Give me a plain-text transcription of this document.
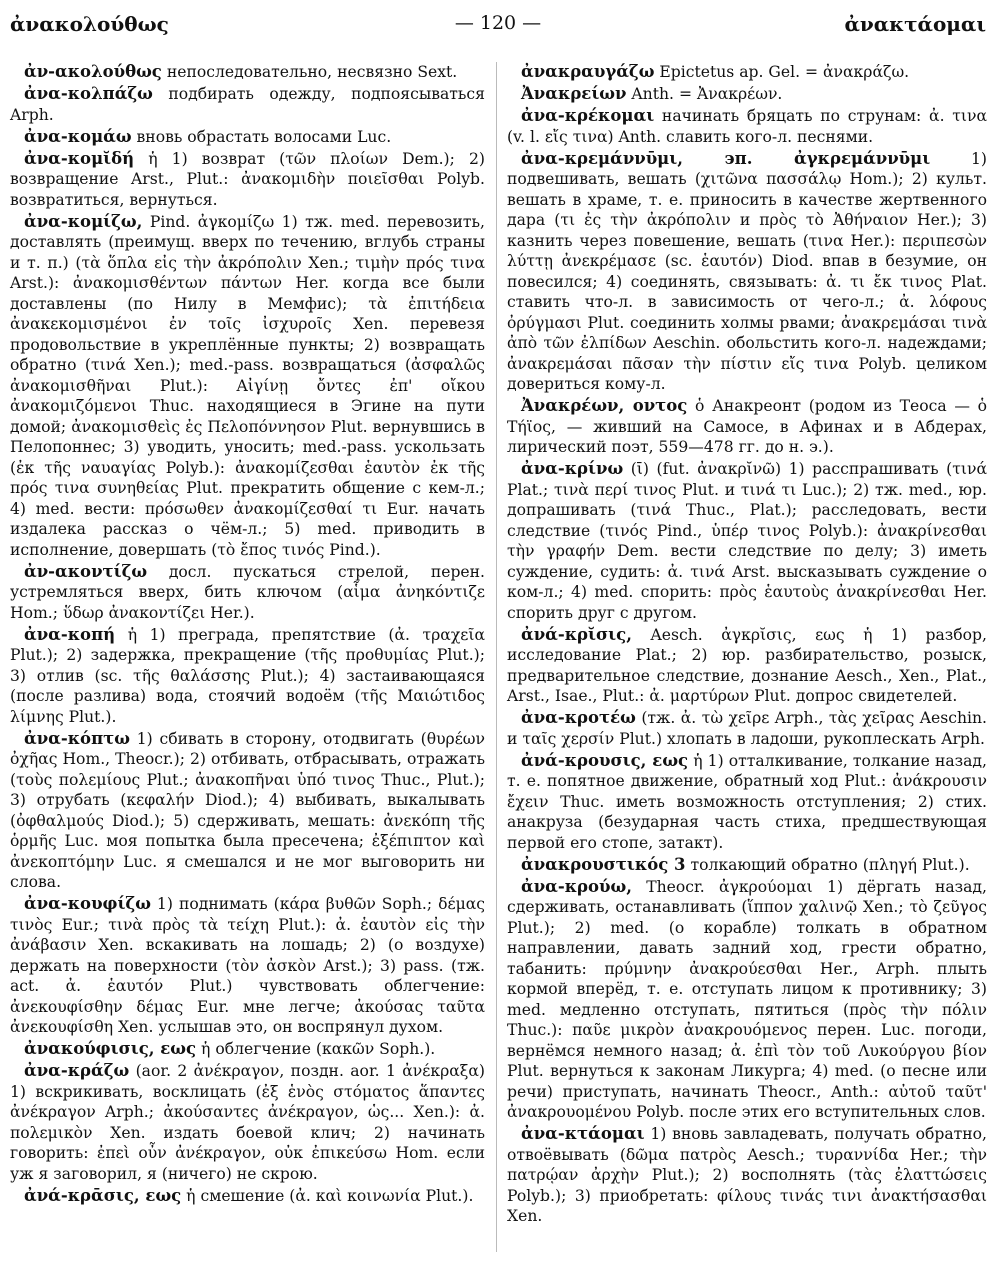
ἀνακολούθως	— 120 —	ἀνακτάομαι

ἀν-ακολούθως непоследовательно, несвязно Sext.

ἀνα-κολπάζω подбирать одежду, подпоясываться Arph.

ἀνα-κομάω вновь обрастать волосами Luc.

ἀνα-κομῐδή ἡ 1) возврат (τῶν πλοίων Dem.); 2) возвращение Arst., Plut.: ἀνακομιδὴν ποιεῖσθαι Polyb. возвратиться, вернуться.

ἀνα-κομίζω, Pind. ἀγκομίζω 1) тж. med. перевозить, доставлять (преимущ. вверх по течению, вглубь страны и т. п.) (τὰ ὅπλα εἰς τὴν ἀκρόπολιν Xen.; τιμὴν πρός τινα Arst.): ἀνακομισθέντων πάντων Her. когда все были доставлены (по Нилу в Мемфис); τὰ ἐπιτήδεια ἀνακεκομισμένοι ἐν τοῖς ἰσχυροῖς Xen. перевезя продовольствие в укреплённые пункты; 2) возвращать обратно (τινά Xen.); med.-pass. возвращаться (ἀσφαλῶς ἀνακομισθῆναι Plut.): Αἰγίνῃ ὄντες ἐπ' οἴκου ἀνακομιζόμενοι Thuc. находящиеся в Эгине на пути домой; ἀνακομισθεὶς ἐς Πελοπόννησον Plut. вернувшись в Пелопоннес; 3) уводить, уносить; med.-pass. ускользать (ἐκ τῆς ναυαγίας Polyb.): ἀνακομίζεσθαι ἑαυτὸν ἐκ τῆς πρός τινα συνηθείας Plut. прекратить общение с кем-л.; 4) med. вести: πρόσωθεν ἀνακομίζεσθαί τι Eur. начать издалека рассказ о чём-л.; 5) med. приводить в исполнение, довершать (τὸ ἔπος τινός Pind.).

ἀν-ακοντίζω досл. пускаться стрелой, перен. устремляться вверх, бить ключом (αἷμα ἀνηκόντιζε Hom.; ὕδωρ ἀνακοντίζει Her.).

ἀνα-κοπή ἡ 1) преграда, препятствие (ἀ. τραχεῖα Plut.); 2) задержка, прекращение (τῆς προθυμίας Plut.); 3) отлив (sc. τῆς θαλάσσης Plut.); 4) застаивающаяся (после разлива) вода, стоячий водоём (τῆς Μαιώτιδος λίμνης Plut.).

ἀνα-κόπτω 1) сбивать в сторону, отодвигать (θυρέων ὀχῆας Hom., Theocr.); 2) отбивать, отбрасывать, отражать (τοὺς πολεμίους Plut.; ἀνακοπῆναι ὑπό τινος Thuc., Plut.); 3) отрубать (κεφαλήν Diod.); 4) выбивать, выкалывать (ὀφθαλμούς Diod.); 5) сдерживать, мешать: ἀνεκόπη τῆς ὁρμῆς Luc. моя попытка была пресечена; ἐξέπιπτον καὶ ἀνεκοπτόμην Luc. я смешался и не мог выговорить ни слова.

ἀνα-κουφίζω 1) поднимать (κάρα βυθῶν Soph.; δέμας τινὸς Eur.; τινὰ πρὸς τὰ τείχη Plut.): ἀ. ἑαυτὸν εἰς τὴν ἀνάβασιν Xen. вскакивать на лошадь; 2) (о воздухе) держать на поверхности (τὸν ἀσκὸν Arst.); 3) pass. (тж. act. ἀ. ἑαυτόν Plut.) чувствовать облегчение: ἀνεκουφίσθην δέμας Eur. мне легче; ἀκούσας ταῦτα ἀνεκουφίσθη Xen. услышав это, он воспрянул духом.

ἀνακούφισις, εως ἡ облегчение (κακῶν Soph.).

ἀνα-κράζω (aor. 2 ἀνέκραγον, поздн. aor. 1 ἀνέκραξα) 1) вскрикивать, восклицать (ἐξ ἑνὸς στόματος ἅπαντες ἀνέκραγον Arph.; ἀκούσαντες ἀνέκραγον, ὡς... Xen.): ἀ. πολεμικὸν Xen. издать боевой клич; 2) начинать говорить: ἐπεὶ οὖν ἀνέκραγον, οὐκ ἐπικεύσω Hom. если уж я заговорил, я (ничего) не скрою.

ἀνά-κρᾱσις, εως ἡ смешение (ἀ. καὶ κοινωνία Plut.).

ἀνακραυγάζω Epictetus ap. Gel. = ἀνακράζω.

Ἀνακρείων Anth. = Ἀνακρέων.

ἀνα-κρέκομαι начинать бряцать по струнам: ἀ. τινα (v. l. εἴς τινα) Anth. славить кого-л. песнями.

ἀνα-κρεμάννῡμι, эп. ἀγκρεμάννῡμι 1) подвешивать, вешать (χιτῶνα πασσάλῳ Hom.); 2) культ. вешать в храме, т. е. приносить в качестве жертвенного дара (τι ἐς τὴν ἀκρόπολιν и πρὸς τὸ Ἀθήναιον Her.); 3) казнить через повешение, вешать (τινα Her.): περιπεσὼν λύττῃ ἀνεκρέμασε (sc. ἑαυτόν) Diod. впав в безумие, он повесился; 4) соединять, связывать: ἀ. τι ἔκ τινος Plat. ставить что-л. в зависимость от чего-л.; ἀ. λόφους ὀρύγμασι Plut. соединить холмы рвами; ἀνακρεμάσαι τινὰ ἀπὸ τῶν ἐλπίδων Aeschin. обольстить кого-л. надеждами; ἀνακρεμάσαι πᾶσαν τὴν πίστιν εἴς τινα Polyb. целиком довериться кому-л.

Ἀνακρέων, οντος ὁ Анакреонт (родом из Теоса — ὁ Τήϊος, — живший на Самосе, в Афинах и в Абдерах, лирический поэт, 559—478 гг. до н. э.).

ἀνα-κρίνω (ῑ) (fut. ἀνακρῐνῶ) 1) расспрашивать (τινά Plat.; τινὰ περί τινος Plut. и τινά τι Luc.); 2) тж. med., юр. допрашивать (τινά Thuc., Plat.); расследовать, вести следствие (τινός Pind., ὑπέρ τινος Polyb.): ἀνακρίνεσθαι τὴν γραφήν Dem. вести следствие по делу; 3) иметь суждение, судить: ἀ. τινά Arst. высказывать суждение о ком-л.; 4) med. спорить: πρὸς ἑαυτοὺς ἀνακρίνεσθαι Her. спорить друг с другом.

ἀνά-κρῐσις, Aesch. ἀγκρῐσις, εως ἡ 1) разбор, исследование Plat.; 2) юр. разбирательство, розыск, предварительное следствие, дознание Aesch., Xen., Plat., Arst., Isae., Plut.: ἀ. μαρτύρων Plut. допрос свидетелей.

ἀνα-κροτέω (тж. ἀ. τὼ χεῖρε Arph., τὰς χεῖρας Aeschin. и ταῖς χερσίν Plut.) хлопать в ладоши, рукоплескать Arph.

ἀνά-κρουσις, εως ἡ 1) отталкивание, толкание назад, т. е. попятное движение, обратный ход Plut.: ἀνάκρουσιν ἔχειν Thuc. иметь возможность отступления; 2) стих. анакруза (безударная часть стиха, предшествующая первой его стопе, затакт).

ἀνακρουστικός 3 толкающий обратно (πληγή Plut.).

ἀνα-κρούω, Theocr. ἀγκρούομαι 1) дёргать назад, сдерживать, останавливать (ἵππον χαλινῷ Xen.; τὸ ζεῦγος Plut.); 2) med. (о корабле) толкать в обратном направлении, давать задний ход, грести обратно, табанить: πρύμνην ἀνακρούεσθαι Her., Arph. плыть кормой вперёд, т. е. отступать лицом к противнику; 3) med. медленно отступать, пятиться (πρὸς τὴν πόλιν Thuc.): παῦε μικρὸν ἀνακρουόμενος перен. Luc. погоди, вернёмся немного назад; ἀ. ἐπὶ τὸν τοῦ Λυκούργου βίον Plut. вернуться к законам Ликурга; 4) med. (о песне или речи) приступать, начинать Theocr., Anth.: αὐτοῦ ταῦτ' ἀνακρουομένου Polyb. после этих его вступительных слов.

ἀνα-κτάομαι 1) вновь завладевать, получать обратно, отвоёвывать (δῶμα πατρὸς Aesch.; τυραννίδα Her.; τὴν πατρῴαν ἀρχὴν Plut.); 2) восполнять (τὰς ἐλαττώσεις Polyb.); 3) приобретать: φίλους τινάς τινι ἀνακτήσασθαι Xen.
